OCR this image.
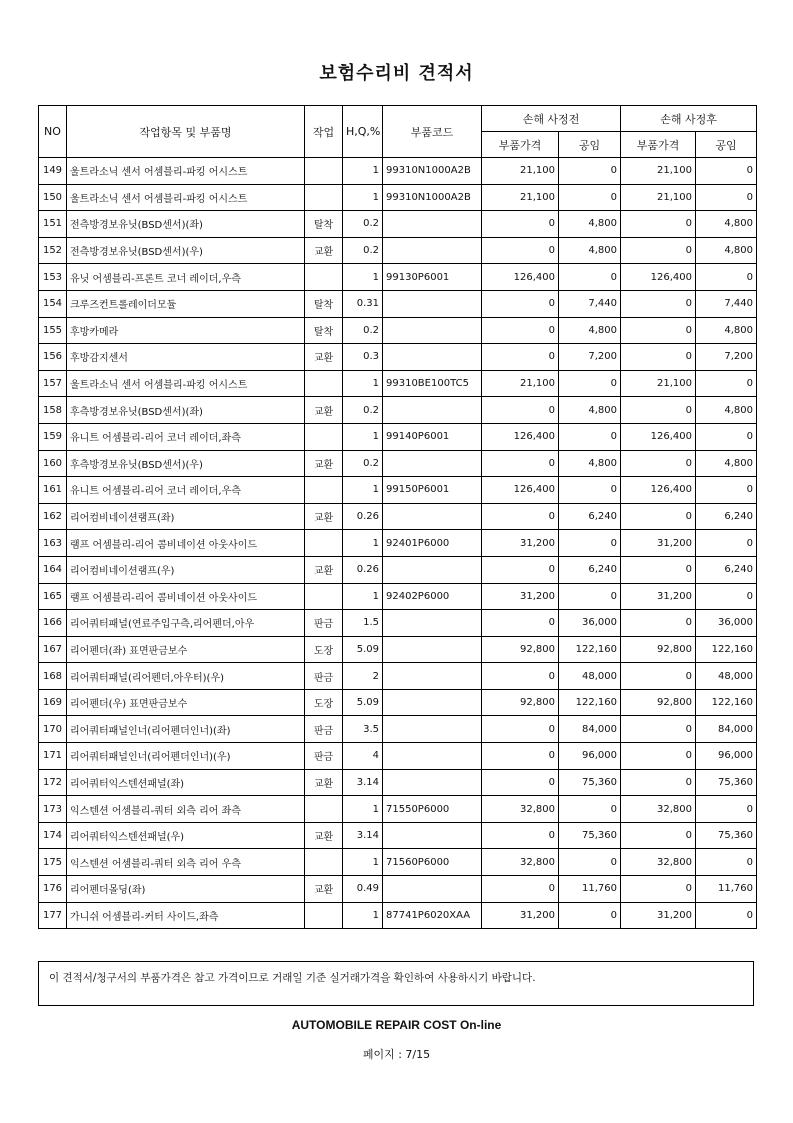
보험수리비 견적서
NO	작업항목 및 부품명	작업	H,Q,%	부품코드	손해 사정전		손해 사정후	
					부품가격	공임	부품가격	공임
149	울트라소닉 센서 어셈블리-파킹 어시스트		1	99310N1000A2B	21,100	0	21,100	0
150	울트라소닉 센서 어셈블리-파킹 어시스트		1	99310N1000A2B	21,100	0	21,100	0
151	전측방경보유닛(BSD센서)(좌)	탈착	0.2		0	4,800	0	4,800
152	전측방경보유닛(BSD센서)(우)	교환	0.2		0	4,800	0	4,800
153	유닛 어셈블리-프론트 코너 레이더,우측		1	99130P6001	126,400	0	126,400	0
154	크루즈컨트롤레이더모듈	탈착	0.31		0	7,440	0	7,440
155	후방카메라	탈착	0.2		0	4,800	0	4,800
156	후방감지센서	교환	0.3		0	7,200	0	7,200
157	울트라소닉 센서 어셈블리-파킹 어시스트		1	99310BE100TC5	21,100	0	21,100	0
158	후측방경보유닛(BSD센서)(좌)	교환	0.2		0	4,800	0	4,800
159	유니트 어셈블리-리어 코너 레이더,좌측		1	99140P6001	126,400	0	126,400	0
160	후측방경보유닛(BSD센서)(우)	교환	0.2		0	4,800	0	4,800
161	유니트 어셈블리-리어 코너 레이더,우측		1	99150P6001	126,400	0	126,400	0
162	리어컴비네이션램프(좌)	교환	0.26		0	6,240	0	6,240
163	램프 어셈블리-리어 콤비네이션 아웃사이드		1	92401P6000	31,200	0	31,200	0
164	리어컴비네이션램프(우)	교환	0.26		0	6,240	0	6,240
165	램프 어셈블리-리어 콤비네이션 아웃사이드		1	92402P6000	31,200	0	31,200	0
166	리어쿼터패널(연료주입구측,리어펜더,아우	판금	1.5		0	36,000	0	36,000
167	리어펜더(좌) 표면판금보수	도장	5.09		92,800	122,160	92,800	122,160
168	리어쿼터패널(리어펜더,아우터)(우)	판금	2		0	48,000	0	48,000
169	리어펜더(우) 표면판금보수	도장	5.09		92,800	122,160	92,800	122,160
170	리어쿼터패널인너(리어펜더인너)(좌)	판금	3.5		0	84,000	0	84,000
171	리어쿼터패널인너(리어펜더인너)(우)	판금	4		0	96,000	0	96,000
172	리어쿼터익스텐션패널(좌)	교환	3.14		0	75,360	0	75,360
173	익스텐션 어셈블리-쿼터 외측 리어 좌측		1	71550P6000	32,800	0	32,800	0
174	리어쿼터익스텐션패널(우)	교환	3.14		0	75,360	0	75,360
175	익스텐션 어셈블리-쿼터 외측 리어 우측		1	71560P6000	32,800	0	32,800	0
176	리어펜더몰딩(좌)	교환	0.49		0	11,760	0	11,760
177	가니쉬 어셈블리-커터 사이드,좌측		1	87741P6020XAA	31,200	0	31,200	0
이 견적서/청구서의 부품가격은 참고 가격이므로 거래일 기준 실거래가격을 확인하여 사용하시기 바랍니다.
AUTOMOBILE REPAIR COST On-line
페이지 : 7/15
